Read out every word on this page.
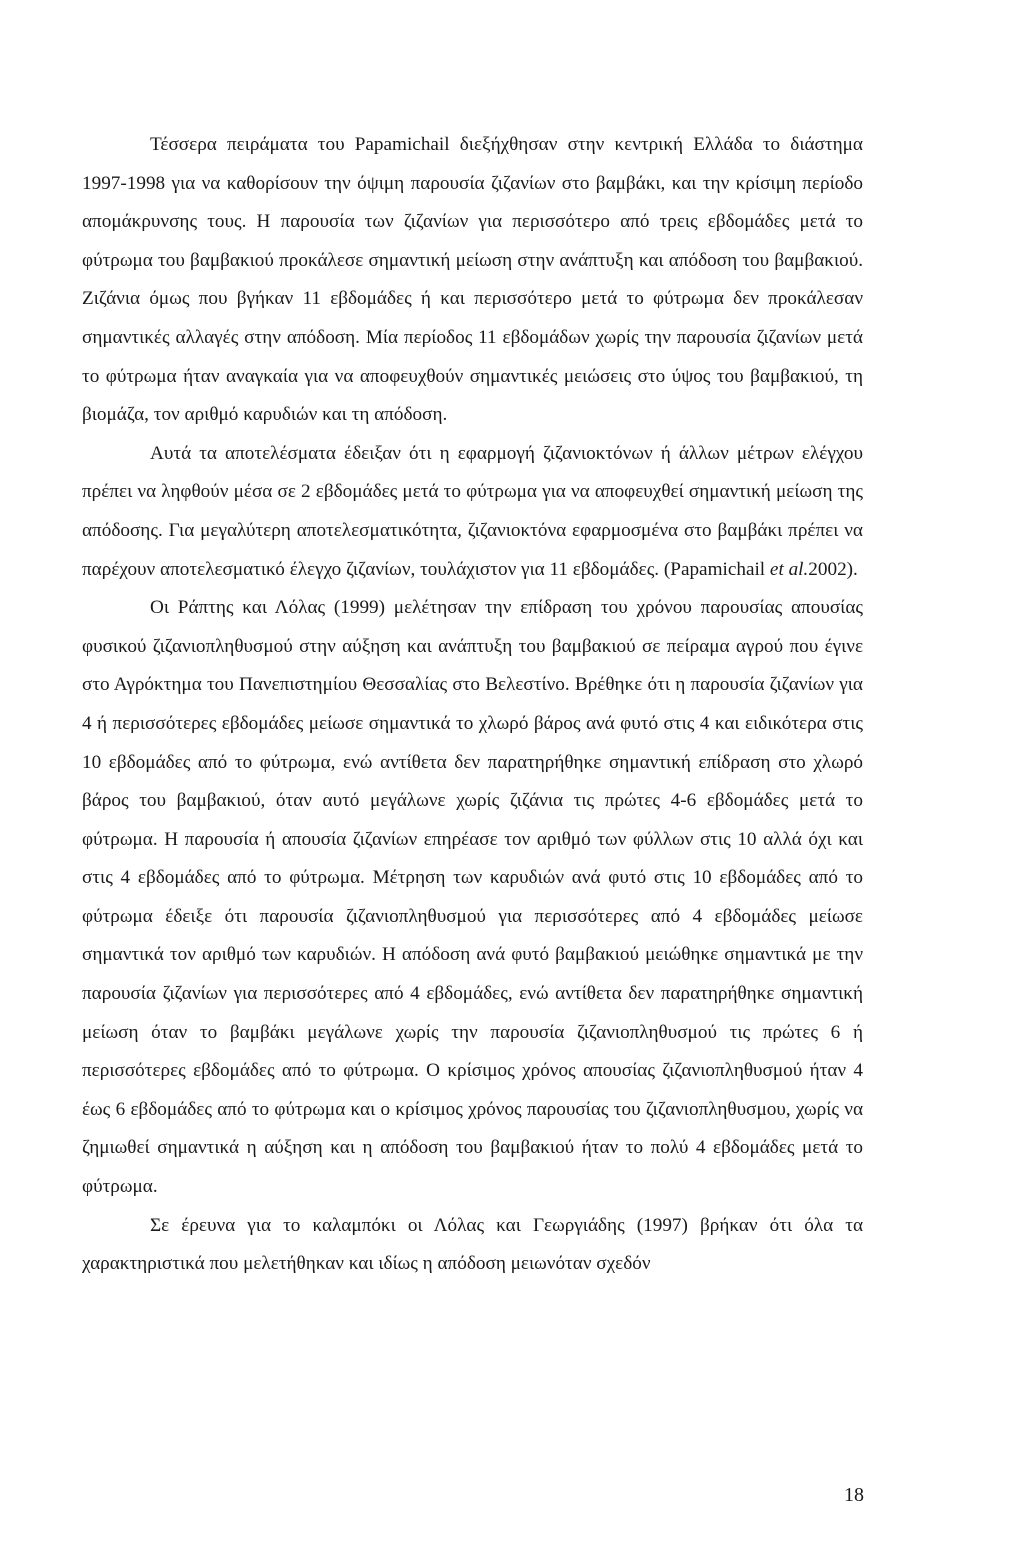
Τέσσερα πειράματα του Papamichail διεξήχθησαν στην κεντρική Ελλάδα το διάστημα 1997-1998 για να καθορίσουν την όψιμη παρουσία ζιζανίων στο βαμβάκι, και την κρίσιμη περίοδο απομάκρυνσης τους. Η παρουσία των ζιζανίων για περισσότερο από τρεις εβδομάδες μετά το φύτρωμα του βαμβακιού προκάλεσε σημαντική μείωση στην ανάπτυξη και απόδοση του βαμβακιού. Ζιζάνια όμως που βγήκαν 11 εβδομάδες ή και περισσότερο μετά το φύτρωμα δεν προκάλεσαν σημαντικές αλλαγές στην απόδοση. Μία περίοδος 11 εβδομάδων χωρίς την παρουσία ζιζανίων μετά το φύτρωμα ήταν αναγκαία για να αποφευχθούν σημαντικές μειώσεις στο ύψος του βαμβακιού, τη βιομάζα, τον αριθμό καρυδιών και τη απόδοση.

Αυτά τα αποτελέσματα έδειξαν ότι η εφαρμογή ζιζανιοκτόνων ή άλλων μέτρων ελέγχου πρέπει να ληφθούν μέσα σε 2 εβδομάδες μετά το φύτρωμα για να αποφευχθεί σημαντική μείωση της απόδοσης. Για μεγαλύτερη αποτελεσματικότητα, ζιζανιοκτόνα εφαρμοσμένα στο βαμβάκι πρέπει να παρέχουν αποτελεσματικό έλεγχο ζιζανίων, τουλάχιστον για 11 εβδομάδες. (Papamichail et al.2002).

Οι Ράπτης και Λόλας (1999) μελέτησαν την επίδραση του χρόνου παρουσίας απουσίας φυσικού ζιζανιοπληθυσμού στην αύξηση και ανάπτυξη του βαμβακιού σε πείραμα αγρού που έγινε στο Αγρόκτημα του Πανεπιστημίου Θεσσαλίας στο Βελεστίνο. Βρέθηκε ότι η παρουσία ζιζανίων για 4 ή περισσότερες εβδομάδες μείωσε σημαντικά το χλωρό βάρος ανά φυτό στις 4 και ειδικότερα στις 10 εβδομάδες από το φύτρωμα, ενώ αντίθετα δεν παρατηρήθηκε σημαντική επίδραση στο χλωρό βάρος του βαμβακιού, όταν αυτό μεγάλωνε χωρίς ζιζάνια τις πρώτες 4-6 εβδομάδες μετά το φύτρωμα. Η παρουσία ή απουσία ζιζανίων επηρέασε τον αριθμό των φύλλων στις 10 αλλά όχι και στις 4 εβδομάδες από το φύτρωμα. Μέτρηση των καρυδιών ανά φυτό στις 10 εβδομάδες από το φύτρωμα έδειξε ότι παρουσία ζιζανιοπληθυσμού για περισσότερες από 4 εβδομάδες μείωσε σημαντικά τον αριθμό των καρυδιών. Η απόδοση ανά φυτό βαμβακιού μειώθηκε σημαντικά με την παρουσία ζιζανίων για περισσότερες από 4 εβδομάδες, ενώ αντίθετα δεν παρατηρήθηκε σημαντική μείωση όταν το βαμβάκι μεγάλωνε χωρίς την παρουσία ζιζανιοπληθυσμού τις πρώτες 6 ή περισσότερες εβδομάδες από το φύτρωμα. Ο κρίσιμος χρόνος απουσίας ζιζανιοπληθυσμού ήταν 4 έως 6 εβδομάδες από το φύτρωμα και ο κρίσιμος χρόνος παρουσίας του ζιζανιοπληθυσμου, χωρίς να ζημιωθεί σημαντικά η αύξηση και η απόδοση του βαμβακιού ήταν το πολύ 4 εβδομάδες μετά το φύτρωμα.

Σε έρευνα για το καλαμπόκι οι Λόλας και Γεωργιάδης (1997) βρήκαν ότι όλα τα χαρακτηριστικά που μελετήθηκαν και ιδίως η απόδοση μειωνόταν σχεδόν

18
